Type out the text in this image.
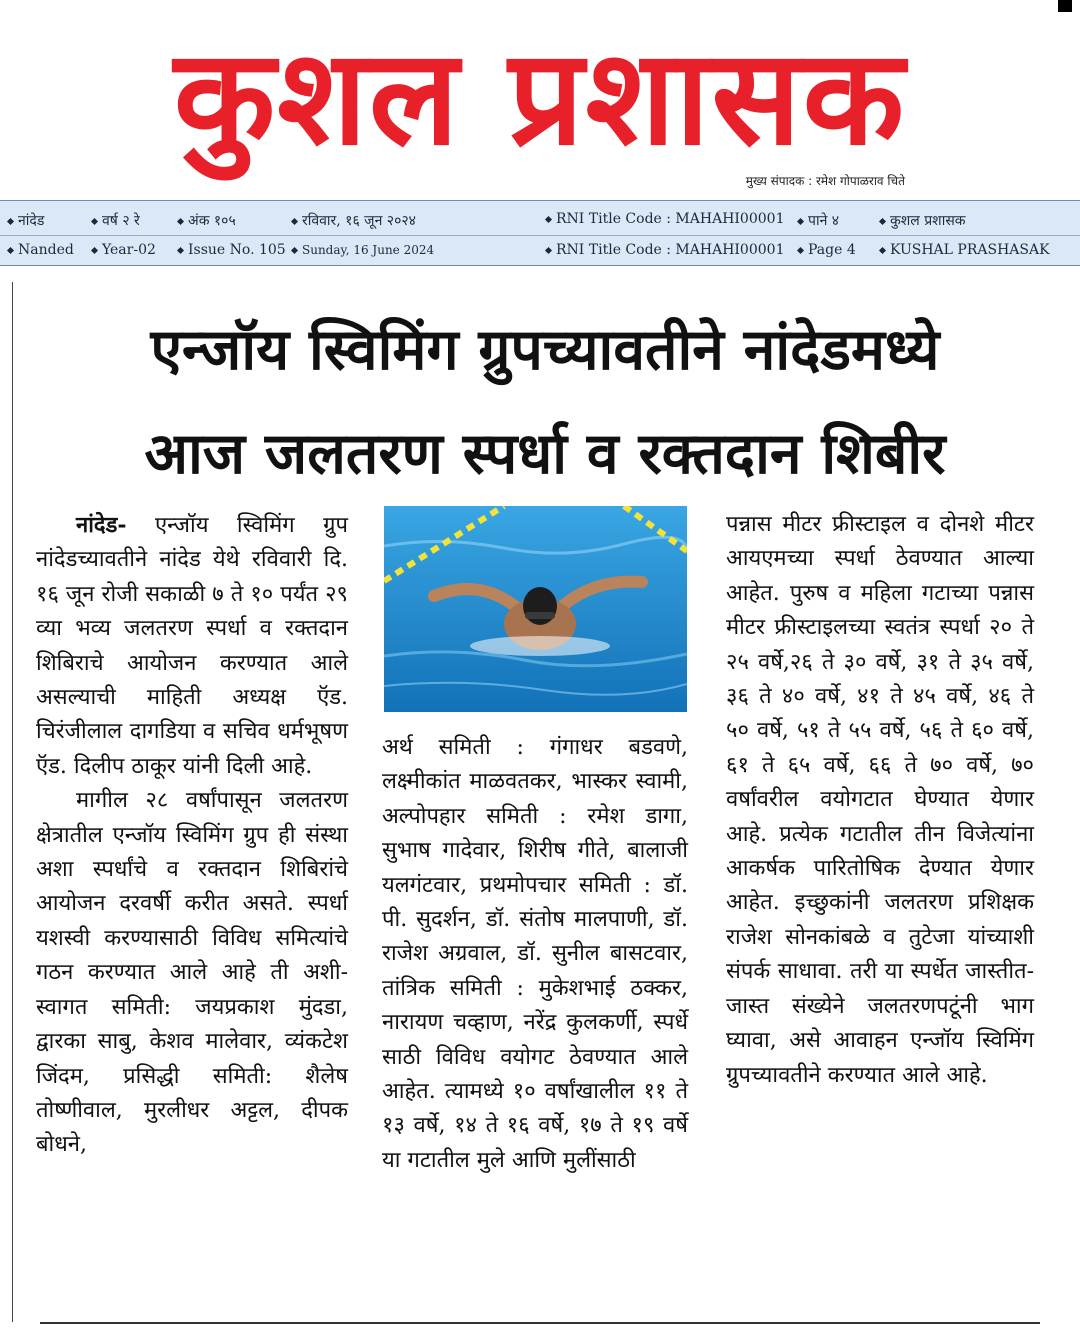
कुशल प्रशासक
मुख्य संपादक : रमेश गोपाळराव चिते
नांदेड	वर्ष २ रे	अंक १०५	रविवार, १६ जून २०२४	RNI Title Code : MAHAHI00001	पाने ४	कुशल प्रशासक
Nanded	Year-02	Issue No. 105	Sunday, 16 June 2024	RNI Title Code : MAHAHI00001	Page 4	KUSHAL PRASHASAK
एन्जॉय स्विमिंग ग्रुपच्यावतीने नांदेडमध्ये
आज जलतरण स्पर्धा व रक्तदान शिबीर

नांदेड- एन्जॉय स्विमिंग ग्रुप नांदेडच्यावतीने नांदेड येथे रविवारी दि. १६ जून रोजी सकाळी ७ ते १० पर्यंत २९ व्या भव्य जलतरण स्पर्धा व रक्तदान शिबिराचे आयोजन करण्यात आले असल्याची माहिती अध्यक्ष ऍड. चिरंजीलाल दागडिया व सचिव धर्मभूषण ऍड. दिलीप ठाकूर यांनी दिली आहे.

मागील २८ वर्षांपासून जलतरण क्षेत्रातील एन्जॉय स्विमिंग ग्रुप ही संस्था अशा स्पर्धांचे व रक्तदान शिबिरांचे आयोजन दरवर्षी करीत असते. स्पर्धा यशस्वी करण्यासाठी विविध समित्यांचे गठन करण्यात आले आहे ती अशी- स्वागत समिती: जयप्रकाश मुंदडा, द्वारका साबु, केशव मालेवार, व्यंकटेश जिंदम, प्रसिद्धी समिती: शैलेष तोष्णीवाल, मुरलीधर अट्टल, दीपक बोधने,

अर्थ समिती : गंगाधर बडवणे, लक्ष्मीकांत माळवतकर, भास्कर स्वामी, अल्पोपहार समिती : रमेश डागा, सुभाष गादेवार, शिरीष गीते, बालाजी यलगंटवार, प्रथमोपचार समिती : डॉ. पी. सुदर्शन, डॉ. संतोष मालपाणी, डॉ. राजेश अग्रवाल, डॉ. सुनील बासटवार, तांत्रिक समिती : मुकेशभाई ठक्कर, नारायण चव्हाण, नरेंद्र कुलकर्णी, स्पर्धे साठी विविध वयोगट ठेवण्यात आले आहेत. त्यामध्ये १० वर्षांखालील ११ ते १३ वर्षे, १४ ते १६ वर्षे, १७ ते १९ वर्षे या गटातील मुले आणि मुलींसाठी

पन्नास मीटर फ्रीस्टाइल व दोनशे मीटर आयएमच्या स्पर्धा ठेवण्यात आल्या आहेत. पुरुष व महिला गटाच्या पन्नास मीटर फ्रीस्टाइलच्या स्वतंत्र स्पर्धा २० ते २५ वर्षे,२६ ते ३० वर्षे, ३१ ते ३५ वर्षे, ३६ ते ४० वर्षे, ४१ ते ४५ वर्षे, ४६ ते ५० वर्षे, ५१ ते ५५ वर्षे, ५६ ते ६० वर्षे, ६१ ते ६५ वर्षे, ६६ ते ७० वर्षे, ७० वर्षांवरील वयोगटात घेण्यात येणार आहे. प्रत्येक गटातील तीन विजेत्यांना आकर्षक पारितोषिक देण्यात येणार आहेत. इच्छुकांनी जलतरण प्रशिक्षक राजेश सोनकांबळे व तुटेजा यांच्याशी संपर्क साधावा. तरी या स्पर्धेत जास्तीत-जास्त संख्येने जलतरणपटूंनी भाग घ्यावा, असे आवाहन एन्जॉय स्विमिंग ग्रुपच्यावतीने करण्यात आले आहे.
